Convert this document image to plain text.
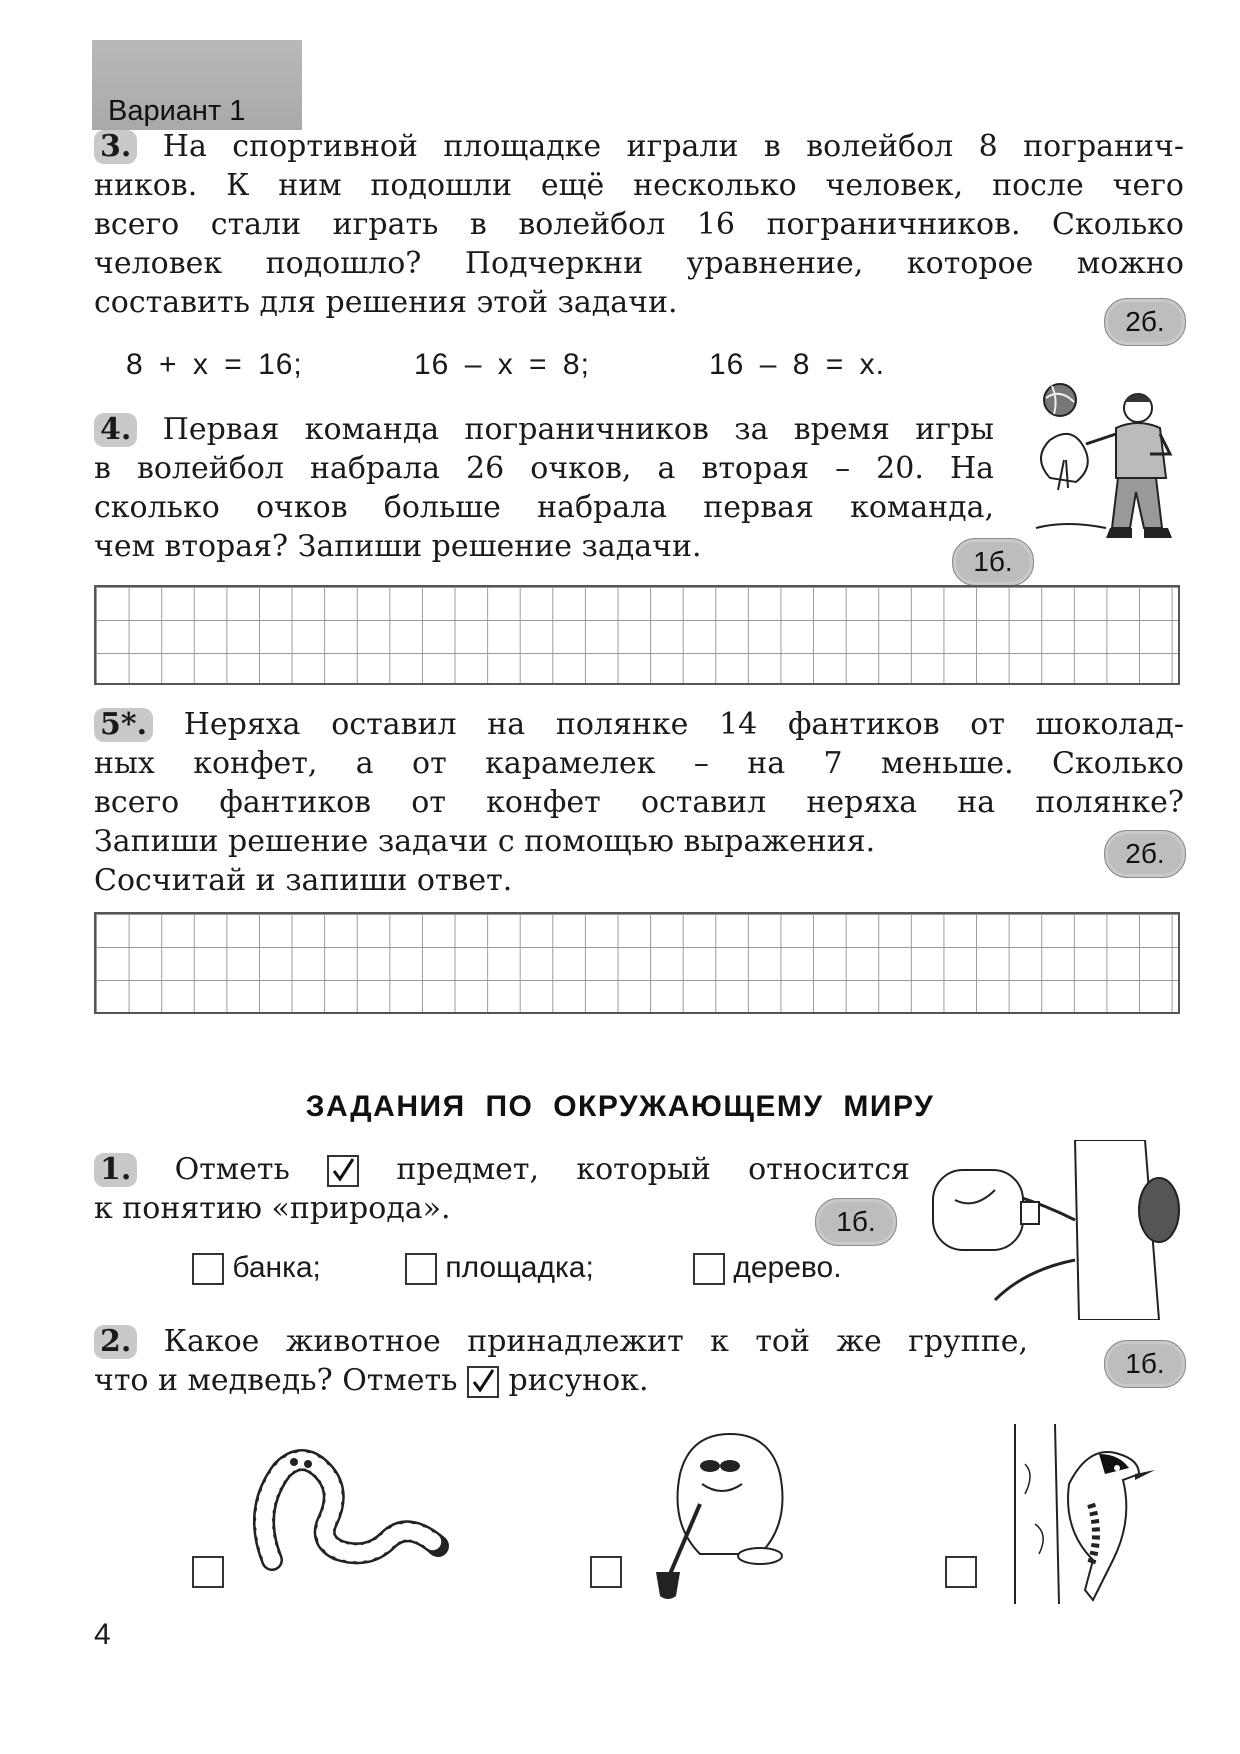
Вариант 1
3. На спортивной площадке играли в волейбол 8 погранич-
ников. К ним подошли ещё несколько человек, после чего
всего стали играть в волейбол 16 пограничников. Сколько
человек подошло? Подчеркни уравнение, которое можно
составить для решения этой задачи.
2б.
8 + x = 16;	16 – x = 8;	16 – 8 = x.
4. Первая команда пограничников за время игры
в волейбол набрала 26 очков, а вторая – 20. На
сколько очков больше набрала первая команда,
чем вторая? Запиши решение задачи.	1б.
5*. Неряха оставил на полянке 14 фантиков от шоколад-
ных конфет, а от карамелек – на 7 меньше. Сколько
всего фантиков от конфет оставил неряха на полянке?
Запиши решение задачи с помощью выражения.
Сосчитай и запиши ответ.
2б.
ЗАДАНИЯ ПО ОКРУЖАЮЩЕМУ МИРУ
1. Отметь	предмет, который относится
к понятию «природа».	1б.
банка;	площадка;	дерево.
2. Какое животное принадлежит к той же группе,
что и медведь? Отметь рисунок.	1б.
4
